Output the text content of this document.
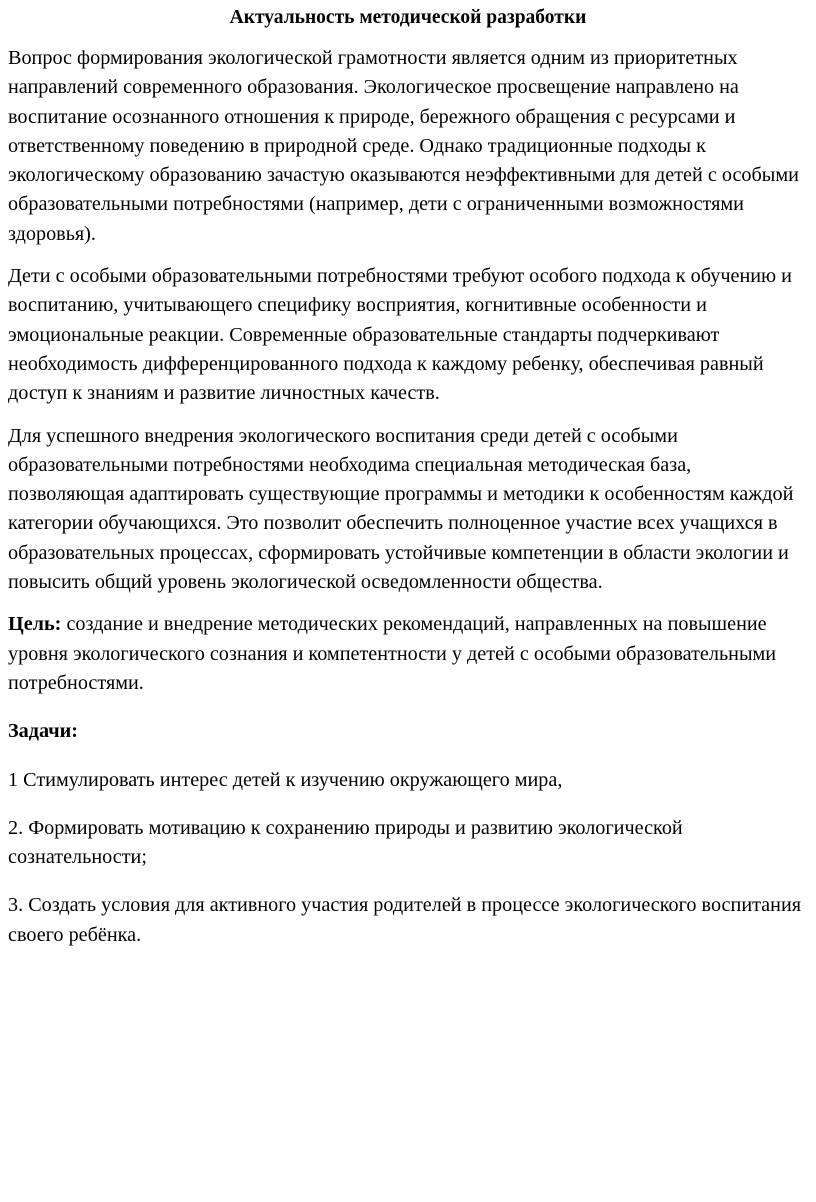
Актуальность методической разработки

Вопрос формирования экологической грамотности является одним из приоритетных направлений современного образования. Экологическое просвещение направлено на воспитание осознанного отношения к природе, бережного обращения с ресурсами и ответственному поведению в природной среде. Однако традиционные подходы к экологическому образованию зачастую оказываются неэффективными для детей с особыми образовательными потребностями (например, дети с ограниченными возможностями здоровья).

Дети с особыми образовательными потребностями требуют особого подхода к обучению и воспитанию, учитывающего специфику восприятия, когнитивные особенности и эмоциональные реакции. Современные образовательные стандарты подчеркивают необходимость дифференцированного подхода к каждому ребенку, обеспечивая равный доступ к знаниям и развитие личностных качеств.

Для успешного внедрения экологического воспитания среди детей с особыми образовательными потребностями необходима специальная методическая база, позволяющая адаптировать существующие программы и методики к особенностям каждой категории обучающихся. Это позволит обеспечить полноценное участие всех учащихся в образовательных процессах, сформировать устойчивые компетенции в области экологии и повысить общий уровень экологической осведомленности общества.

Цель: создание и внедрение методических рекомендаций, направленных на повышение уровня экологического сознания и компетентности у детей с особыми образовательными потребностями.

Задачи:
1 Стимулировать интерес детей к изучению окружающего мира,
2. Формировать мотивацию к сохранению природы и развитию экологической сознательности;
3. Создать условия для активного участия родителей в процессе экологического воспитания своего ребёнка.
